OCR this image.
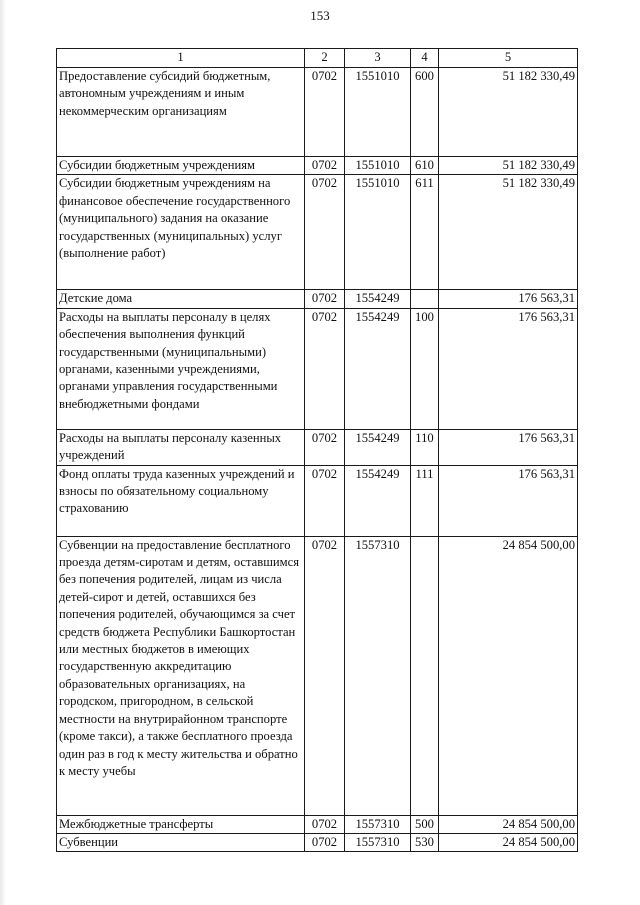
153
1	2	3	4	5
Предоставление субсидий бюджетным, автономным учреждениям и иным некоммерческим организациям	0702	1551010	600	51 182 330,49
Субсидии бюджетным учреждениям	0702	1551010	610	51 182 330,49
Субсидии бюджетным учреждениям на финансовое обеспечение государственного (муниципального) задания на оказание государственных (муниципальных) услуг (выполнение работ)	0702	1551010	611	51 182 330,49
Детские дома	0702	1554249		176 563,31
Расходы на выплаты персоналу в целях обеспечения выполнения функций государственными (муниципальными) органами, казенными учреждениями, органами управления государственными внебюджетными фондами	0702	1554249	100	176 563,31
Расходы на выплаты персоналу казенных учреждений	0702	1554249	110	176 563,31
Фонд оплаты труда казенных учреждений и взносы по обязательному социальному страхованию	0702	1554249	111	176 563,31
Субвенции на предоставление бесплатного проезда детям-сиротам и детям, оставшимся без попечения родителей, лицам из числа детей-сирот и детей, оставшихся без попечения родителей, обучающимся за счет средств бюджета Республики Башкортостан или местных бюджетов в имеющих государственную аккредитацию образовательных организациях, на городском, пригородном, в сельской местности на внутрирайонном транспорте (кроме такси), а также бесплатного проезда один раз в год к месту жительства и обратно к месту учебы	0702	1557310		24 854 500,00
Межбюджетные трансферты	0702	1557310	500	24 854 500,00
Субвенции	0702	1557310	530	24 854 500,00
